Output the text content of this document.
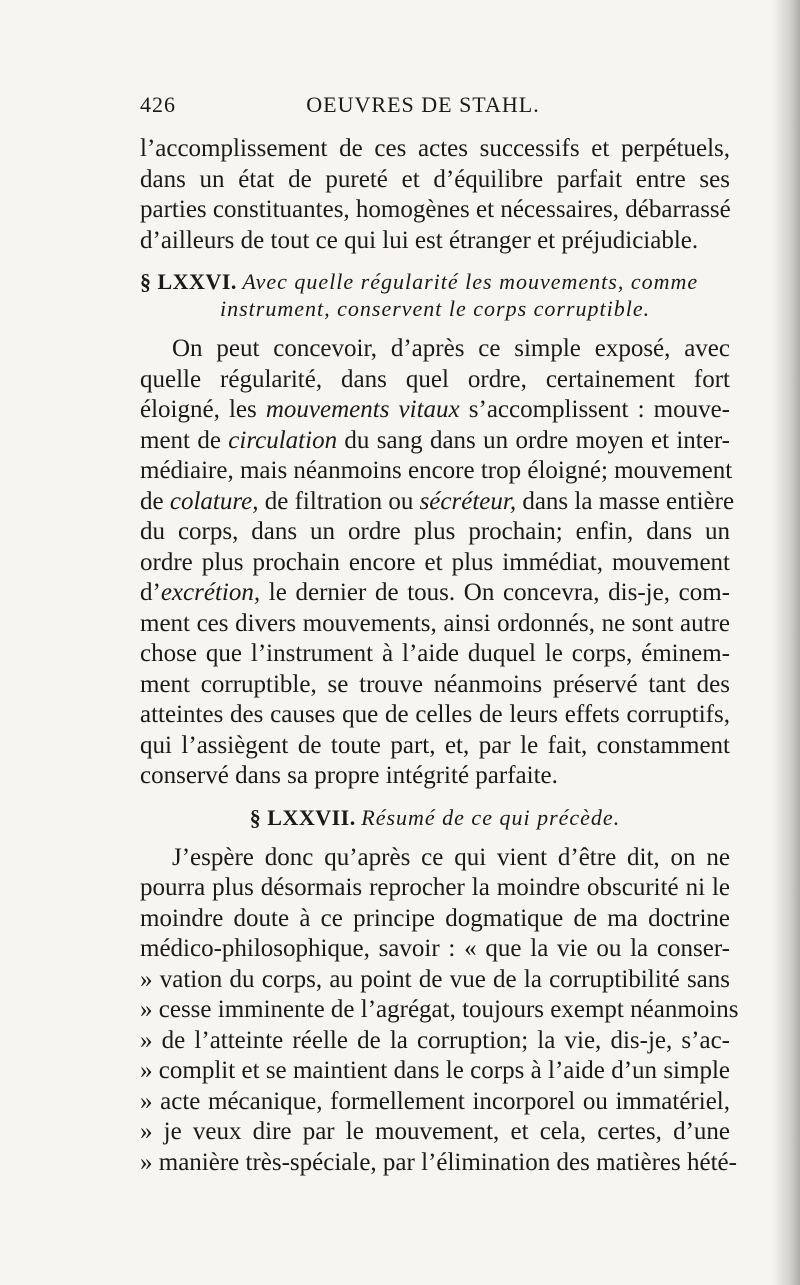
426	OEUVRES DE STAHL.

l’accomplissement de ces actes successifs et perpétuels,
dans un état de pureté et d’équilibre parfait entre ses
parties constituantes, homogènes et nécessaires, débarrassé
d’ailleurs de tout ce qui lui est étranger et préjudiciable.

§ LXXVI. Avec quelle régularité les mouvements, comme
instrument, conservent le corps corruptible.

On peut concevoir, d’après ce simple exposé, avec
quelle régularité, dans quel ordre, certainement fort
éloigné, les mouvements vitaux s’accomplissent : mouve-
ment de circulation du sang dans un ordre moyen et inter-
médiaire, mais néanmoins encore trop éloigné; mouvement
de colature, de filtration ou sécréteur, dans la masse entière
du corps, dans un ordre plus prochain; enfin, dans un
ordre plus prochain encore et plus immédiat, mouvement
d’excrétion, le dernier de tous. On concevra, dis-je, com-
ment ces divers mouvements, ainsi ordonnés, ne sont autre
chose que l’instrument à l’aide duquel le corps, éminem-
ment corruptible, se trouve néanmoins préservé tant des
atteintes des causes que de celles de leurs effets corruptifs,
qui l’assiègent de toute part, et, par le fait, constamment
conservé dans sa propre intégrité parfaite.

§ LXXVII. Résumé de ce qui précède.

J’espère donc qu’après ce qui vient d’être dit, on ne
pourra plus désormais reprocher la moindre obscurité ni le
moindre doute à ce principe dogmatique de ma doctrine
médico-philosophique, savoir : « que la vie ou la conser-
» vation du corps, au point de vue de la corruptibilité sans
» cesse imminente de l’agrégat, toujours exempt néanmoins
» de l’atteinte réelle de la corruption; la vie, dis-je, s’ac-
» complit et se maintient dans le corps à l’aide d’un simple
» acte mécanique, formellement incorporel ou immatériel,
» je veux dire par le mouvement, et cela, certes, d’une
» manière très-spéciale, par l’élimination des matières hété-
